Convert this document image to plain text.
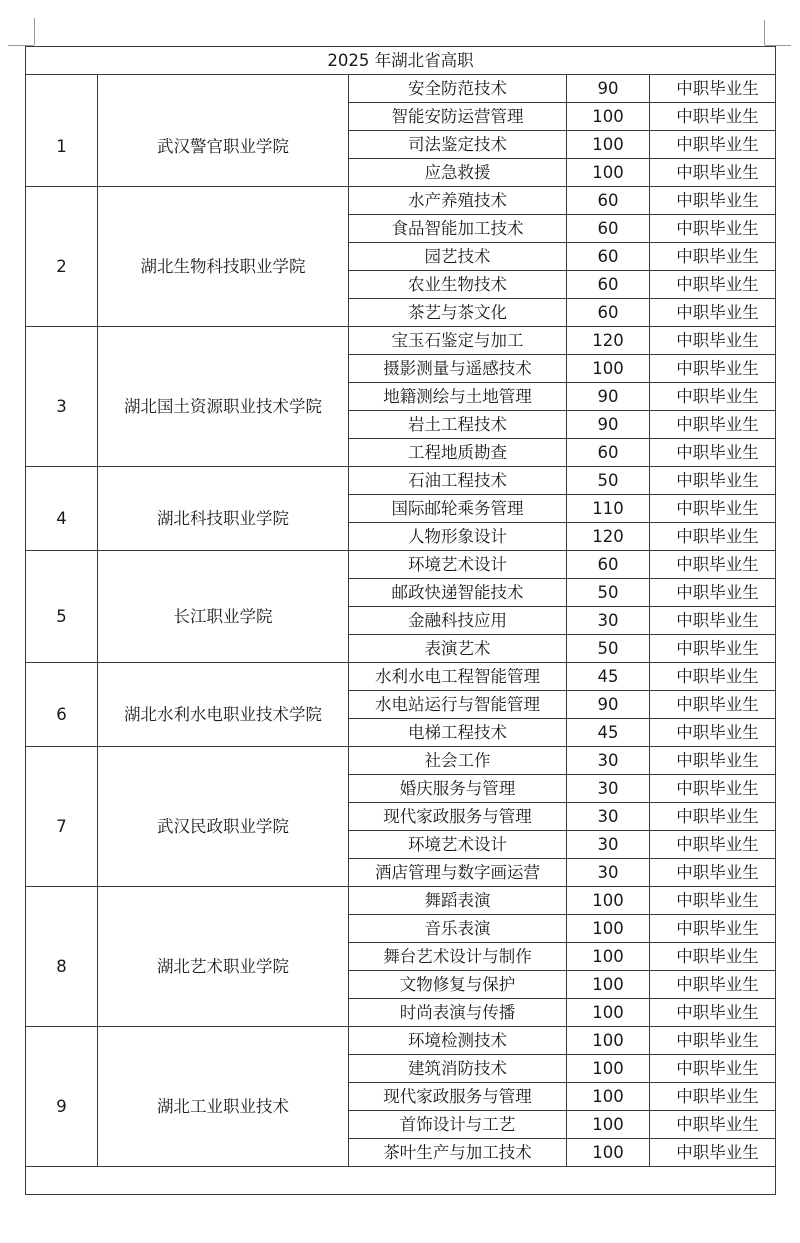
2025 年湖北省高职				
1	武汉警官职业学院	安全防范技术	90	中职毕业生
		智能安防运营管理	100	中职毕业生
		司法鉴定技术	100	中职毕业生
		应急救援	100	中职毕业生
2	湖北生物科技职业学院	水产养殖技术	60	中职毕业生
		食品智能加工技术	60	中职毕业生
		园艺技术	60	中职毕业生
		农业生物技术	60	中职毕业生
		茶艺与茶文化	60	中职毕业生
3	湖北国土资源职业技术学院	宝玉石鉴定与加工	120	中职毕业生
		摄影测量与遥感技术	100	中职毕业生
		地籍测绘与土地管理	90	中职毕业生
		岩土工程技术	90	中职毕业生
		工程地质勘查	60	中职毕业生
4	湖北科技职业学院	石油工程技术	50	中职毕业生
		国际邮轮乘务管理	110	中职毕业生
		人物形象设计	120	中职毕业生
5	长江职业学院	环境艺术设计	60	中职毕业生
		邮政快递智能技术	50	中职毕业生
		金融科技应用	30	中职毕业生
		表演艺术	50	中职毕业生
6	湖北水利水电职业技术学院	水利水电工程智能管理	45	中职毕业生
		水电站运行与智能管理	90	中职毕业生
		电梯工程技术	45	中职毕业生
7	武汉民政职业学院	社会工作	30	中职毕业生
		婚庆服务与管理	30	中职毕业生
		现代家政服务与管理	30	中职毕业生
		环境艺术设计	30	中职毕业生
		酒店管理与数字画运营	30	中职毕业生
8	湖北艺术职业学院	舞蹈表演	100	中职毕业生
		音乐表演	100	中职毕业生
		舞台艺术设计与制作	100	中职毕业生
		文物修复与保护	100	中职毕业生
		时尚表演与传播	100	中职毕业生
9	湖北工业职业技术	环境检测技术	100	中职毕业生
		建筑消防技术	100	中职毕业生
		现代家政服务与管理	100	中职毕业生
		首饰设计与工艺	100	中职毕业生
		茶叶生产与加工技术	100	中职毕业生
